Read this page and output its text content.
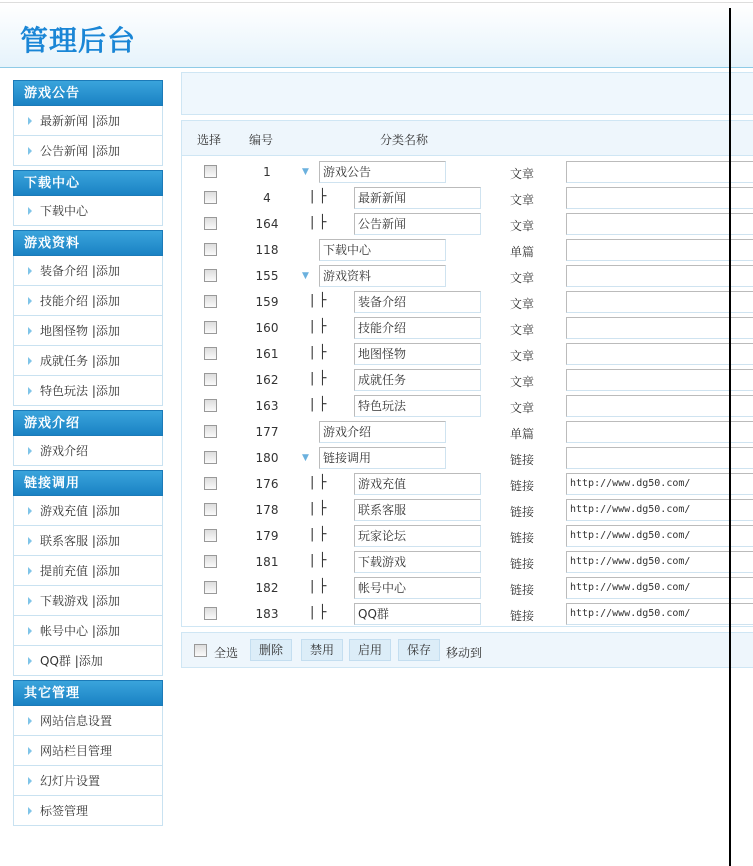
管理后台
游戏公告
最新新闻 |添加
公告新闻 |添加
下载中心
下载中心
游戏资料
装备介绍 |添加
技能介绍 |添加
地图怪物 |添加
成就任务 |添加
特色玩法 |添加
游戏介绍
游戏介绍
链接调用
游戏充值 |添加
联系客服 |添加
提前充值 |添加
下载游戏 |添加
帐号中心 |添加
QQ群 |添加
其它管理
网站信息设置
网站栏目管理
幻灯片设置
标签管理
选择 编号	分类名称
1	▼	游戏公告	文章
4	| ├	最新新闻	文章
164	| ├	公告新闻	文章
118	下载中心	单篇
155	▼	游戏资料	文章
159	| ├	装备介绍	文章
160	| ├	技能介绍	文章
161	| ├	地图怪物	文章
162	| ├	成就任务	文章
163	| ├	特色玩法	文章
177	游戏介绍	单篇
180	▼	链接调用	链接
176	| ├	游戏充值	链接	http://www.dg50.com/
178	| ├	联系客服	链接	http://www.dg50.com/
179	| ├	玩家论坛	链接	http://www.dg50.com/
181	| ├	下载游戏	链接	http://www.dg50.com/
182	| ├	帐号中心	链接	http://www.dg50.com/
183	| ├	QQ群	链接	http://www.dg50.com/
全选	删除	禁用	启用	保存	移动到
